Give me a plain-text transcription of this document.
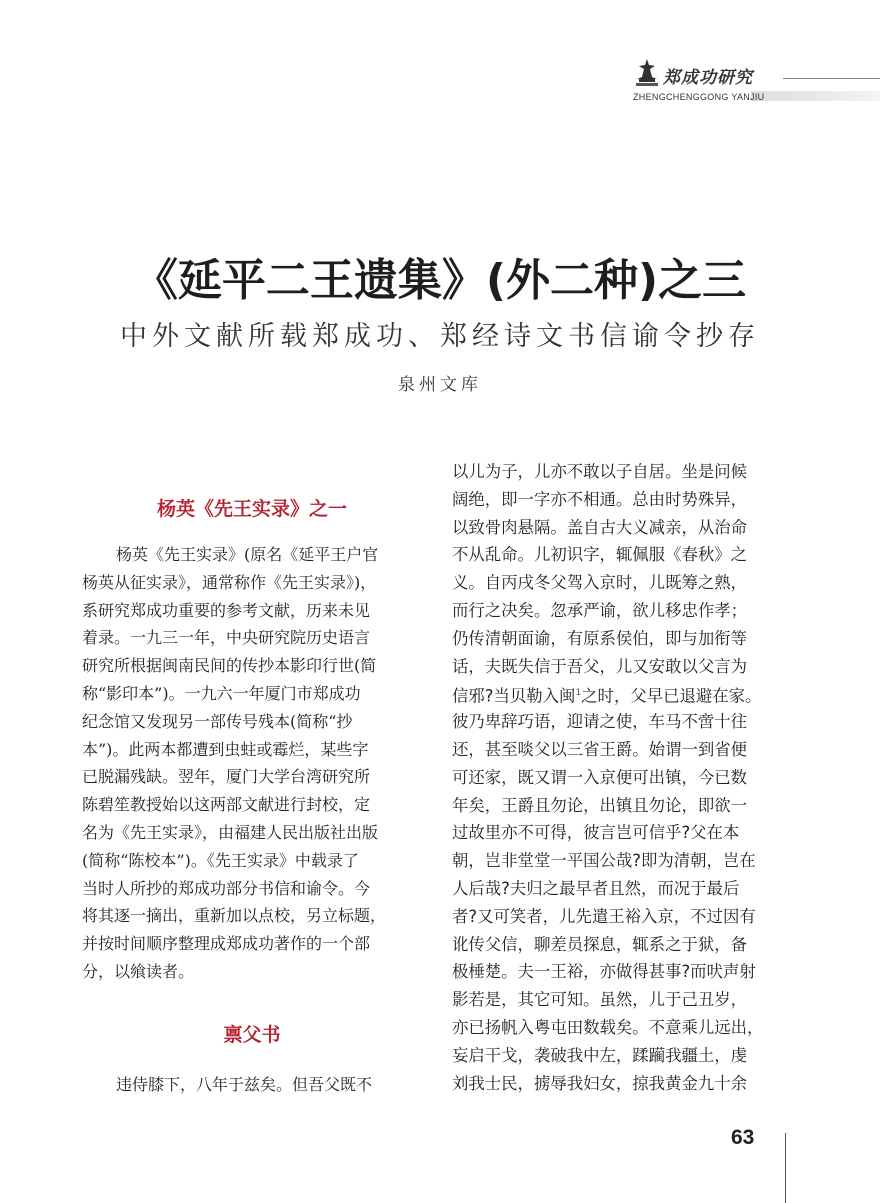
郑成功研究
ZHENGCHENGGONG YANJIU
《延平二王遗集》(外二种)之三
中外文献所载郑成功、郑经诗文书信谕令抄存
泉州文库
杨英《先王实录》之一
杨英《先王实录》(原名《延平王户官
杨英从征实录》，通常称作《先王实录》)，
系研究郑成功重要的参考文献，历来未见
着录。一九三一年，中央研究院历史语言
研究所根据闽南民间的传抄本影印行世(简
称“影印本”)。一九六一年厦门市郑成功
纪念馆又发现另一部传号残本(简称“抄
本”)。此两本都遭到虫蛀或霉烂，某些字
已脱漏残缺。翌年，厦门大学台湾研究所
陈碧笙教授始以这两部文献进行封校，定
名为《先王实录》，由福建人民出版社出版
(简称“陈校本”)。《先王实录》中载录了
当时人所抄的郑成功部分书信和谕令。今
将其逐一摘出，重新加以点校，另立标题，
并按时间顺序整理成郑成功著作的一个部
分，以飨读者。
禀父书
违侍膝下，八年于兹矣。但吾父既不
以儿为子，儿亦不敢以子自居。坐是问候
阔绝，即一字亦不相通。总由时势殊异，
以致骨肉悬隔。盖自古大义减亲，从治命
不从乱命。儿初识字，辄佩服《春秋》之
义。自丙戌冬父驾入京时，儿既筹之熟，
而行之决矣。忽承严谕，欲儿移忠作孝；
仍传清朝面谕，有原系侯伯，即与加衔等
话，夫既失信于吾父，儿又安敢以父言为
信邪?当贝勒入闽$^1$之时，父早已退避在家。
彼乃卑辞巧语，迎请之使，车马不啻十往
还，甚至啖父以三省王爵。始谓一到省便
可还家，既又谓一入京便可出镇，今已数
年矣，王爵且勿论，出镇且勿论，即欲一
过故里亦不可得，彼言岂可信乎?父在本
朝，岂非堂堂一平国公哉?即为清朝，岂在
人后哉?夫归之最早者且然，而况于最后
者?又可笑者，儿先遣王裕入京，不过因有
讹传父信，聊差员探息，辄系之于狱，备
极棰楚。夫一王裕，亦做得甚事?而吠声射
影若是，其它可知。虽然，儿于己丑岁，
亦已扬帆入粤屯田数载矣。不意乘儿远出，
妄启干戈，袭破我中左，蹂躏我疆土，虔
刘我士民，掳辱我妇女，掠我黄金九十余
63
